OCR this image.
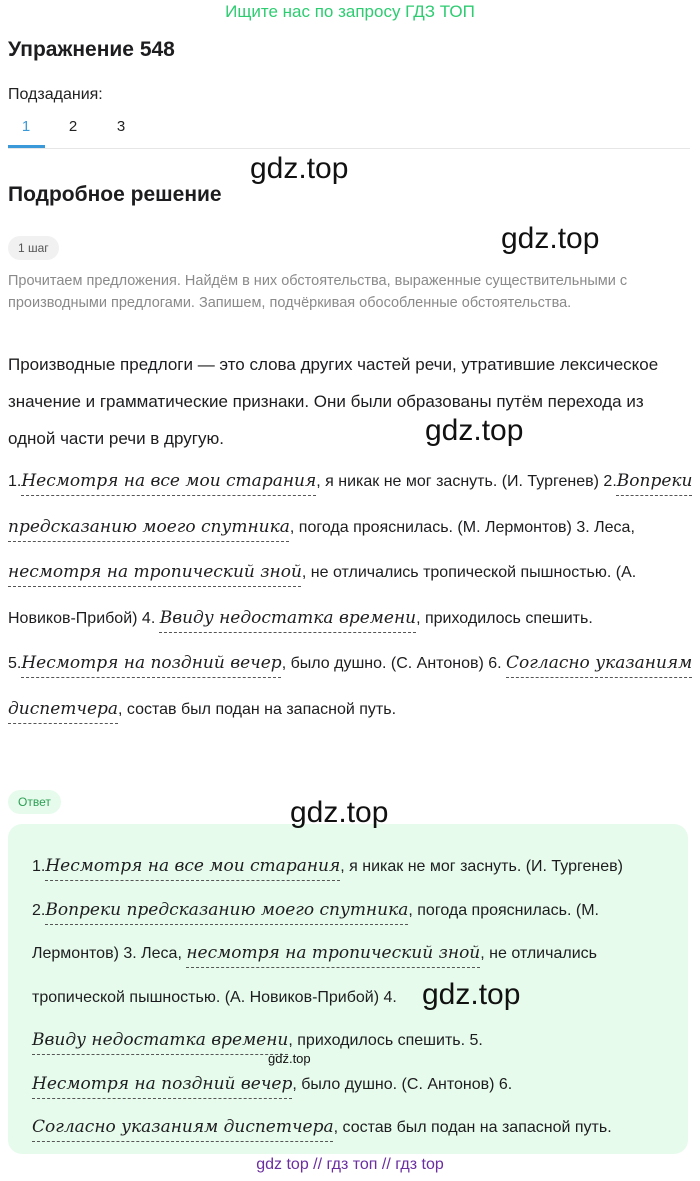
Ищите нас по запросу ГДЗ ТОП
Упражнение 548
Подзадания:
1	2	3
gdz.top
Подробное решение
gdz.top
1 шаг
Прочитаем предложения. Найдём в них обстоятельства, выраженные существительными с производными предлогами. Запишем, подчёркивая обособленные обстоятельства.
Производные предлоги — это слова других частей речи, утратившие лексическое значение и грамматические признаки. Они были образованы путём перехода из одной части речи в другую.	gdz.top
1.Несмотря на все мои старания, я никак не мог заснуть. (И. Тургенев) 2.Вопреки предсказанию моего спутника, погода прояснилась. (М. Лермонтов) 3. Леса, несмотря на тропический зной, не отличались тропической пышностью. (А. Новиков-Прибой) 4. Ввиду недостатка времени, приходилось спешить. 5.Несмотря на поздний вечер, было душно. (С. Антонов) 6. Согласно указаниям диспетчера, состав был подан на запасной путь.
Ответ	gdz.top
1.Несмотря на все мои старания, я никак не мог заснуть. (И. Тургенев)
2.Вопреки предсказанию моего спутника, погода прояснилась. (М. Лермонтов) 3. Леса, несмотря на тропический зной, не отличались тропической пышностью. (А. Новиков-Прибой) 4.
Ввиду недостатка времени, приходилось спешить. 5.
Несмотря на поздний вечер, было душно. (С. Антонов) 6.
Согласно указаниям диспетчера, состав был подан на запасной путь.
gdz.top
gdz.top
gdz top // гдз топ // гдз top
